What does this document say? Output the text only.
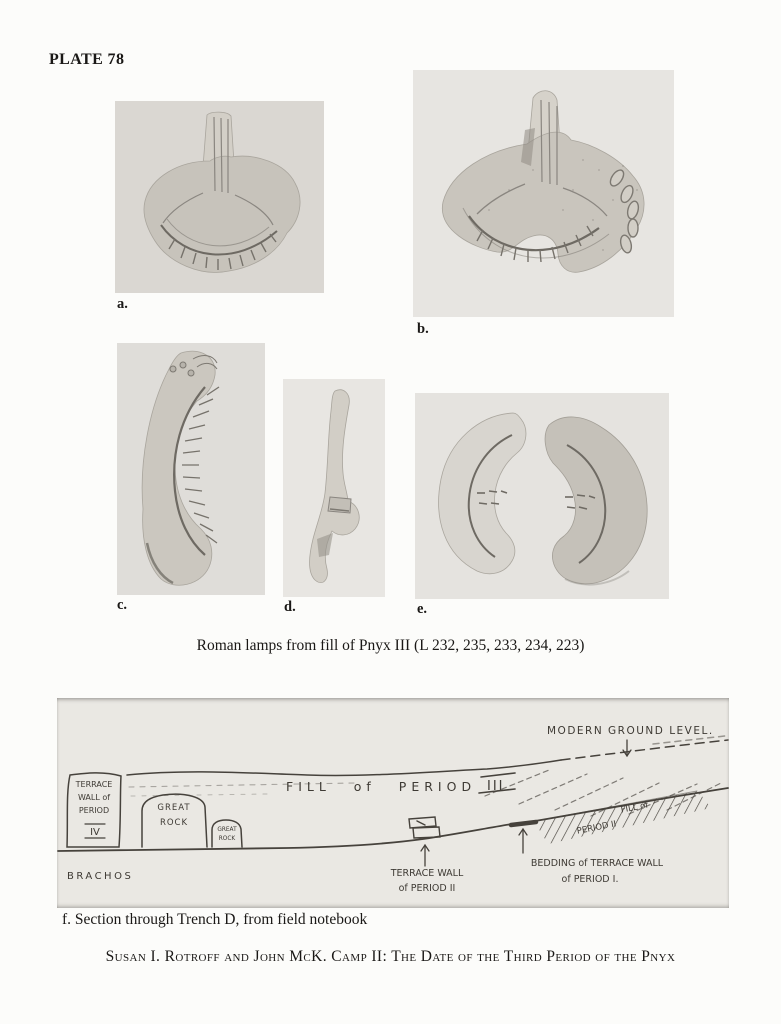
PLATE 78
a.
b.
c.	d.	e.
Roman lamps from fill of Pnyx III (L 232, 235, 233, 234, 223)
MODERN GROUND LEVEL.
FILL of PERIOD III
TERRACE
WALL of
PERIOD
IV
GREAT
ROCK
GREAT
ROCK
BRACHOS	TERRACE WALL
of PERIOD II
BEDDING of TERRACE WALL
of PERIOD I.
FILL of
PERIOD II
f. Section through Trench D, from field notebook
Susan I. Rotroff and John McK. Camp II: The Date of the Third Period of the Pnyx
